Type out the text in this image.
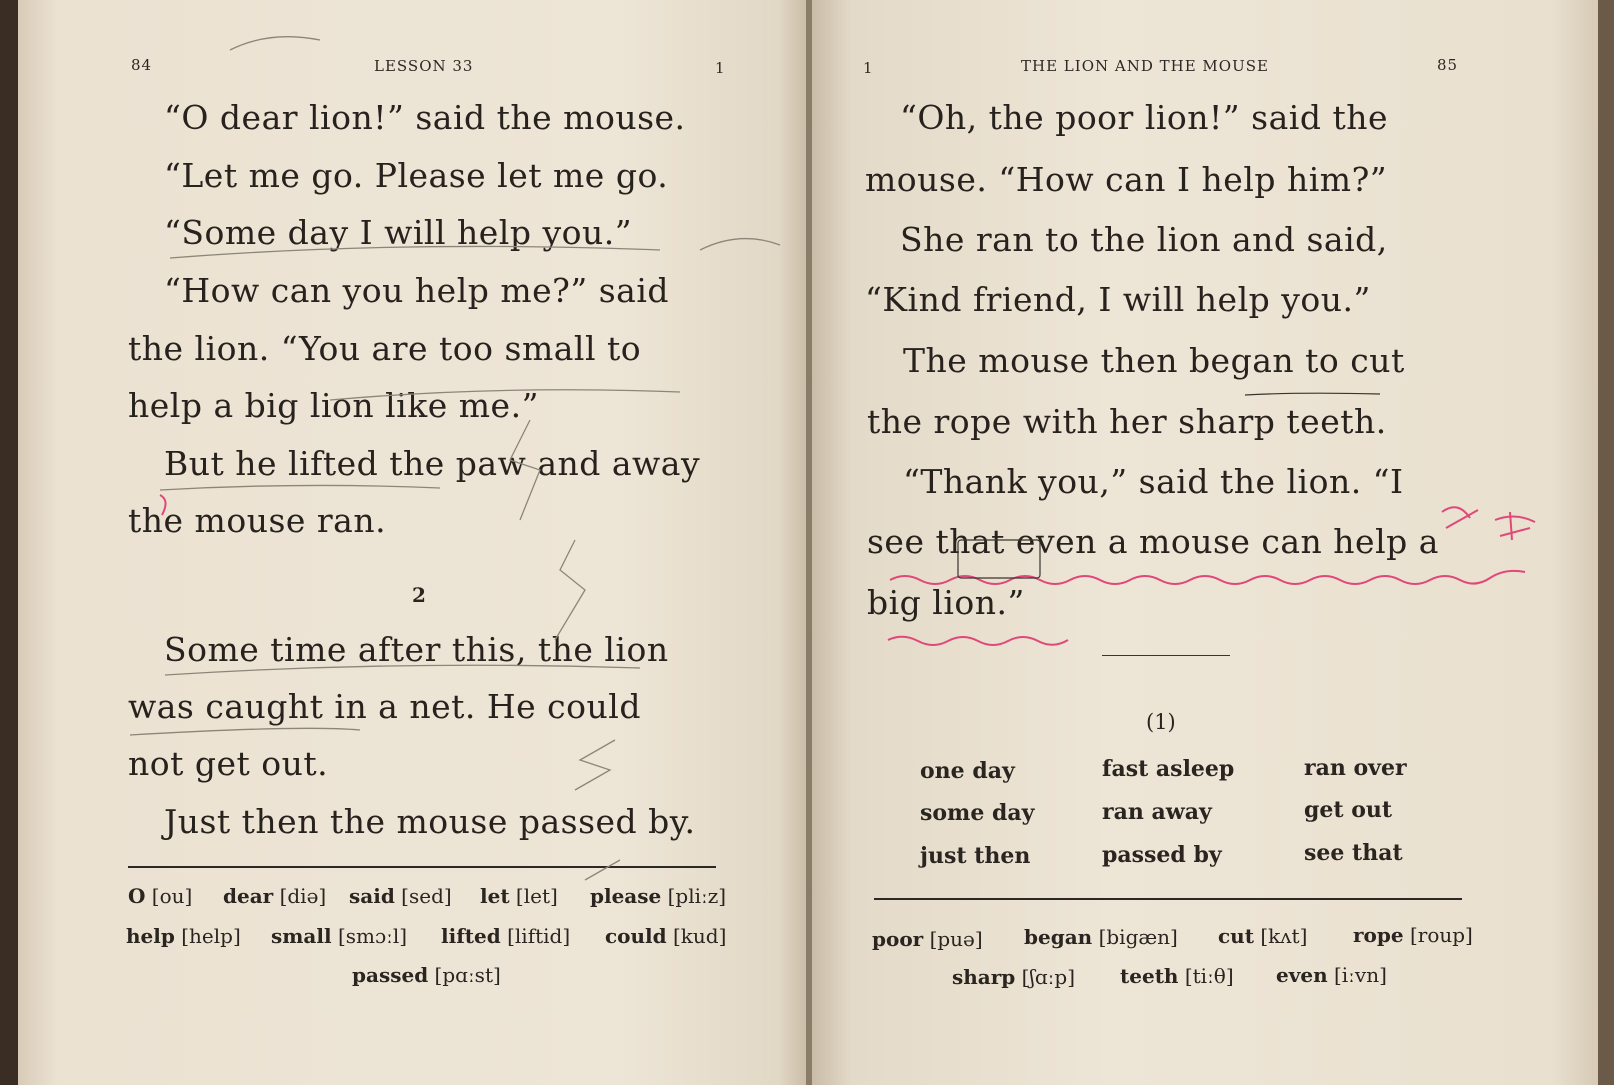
84	LESSON 33	1
“O dear lion!” said the mouse.
“Let me go. Please let me go.
“Some day I will help you.”
“How can you help me?” said
the lion. “You are too small to
help a big lion like me.”
But he lifted the paw and away
the mouse ran.
2
Some time after this, the lion
was caught in a net. He could
not get out.
Just then the mouse passed by.
O [ou] dear [diə] said [sed] let [let] please [pliːz]
help [help] small [smɔːl] lifted [liftid] could [kud]
passed [pɑːst]
1	THE LION AND THE MOUSE	85
“Oh, the poor lion!” said the
mouse. “How can I help him?”
She ran to the lion and said,
“Kind friend, I will help you.”
The mouse then began to cut
the rope with her sharp teeth.
“Thank you,” said the lion. “I
see that even a mouse can help a
big lion.”
(1)
one day	fast asleep	ran over
some day	ran away	get out
just then	passed by	see that
poor [puə] began [bigæn] cut [kʌt] rope [roup]
sharp [ʃɑːp] teeth [tiːθ] even [iːvn]
